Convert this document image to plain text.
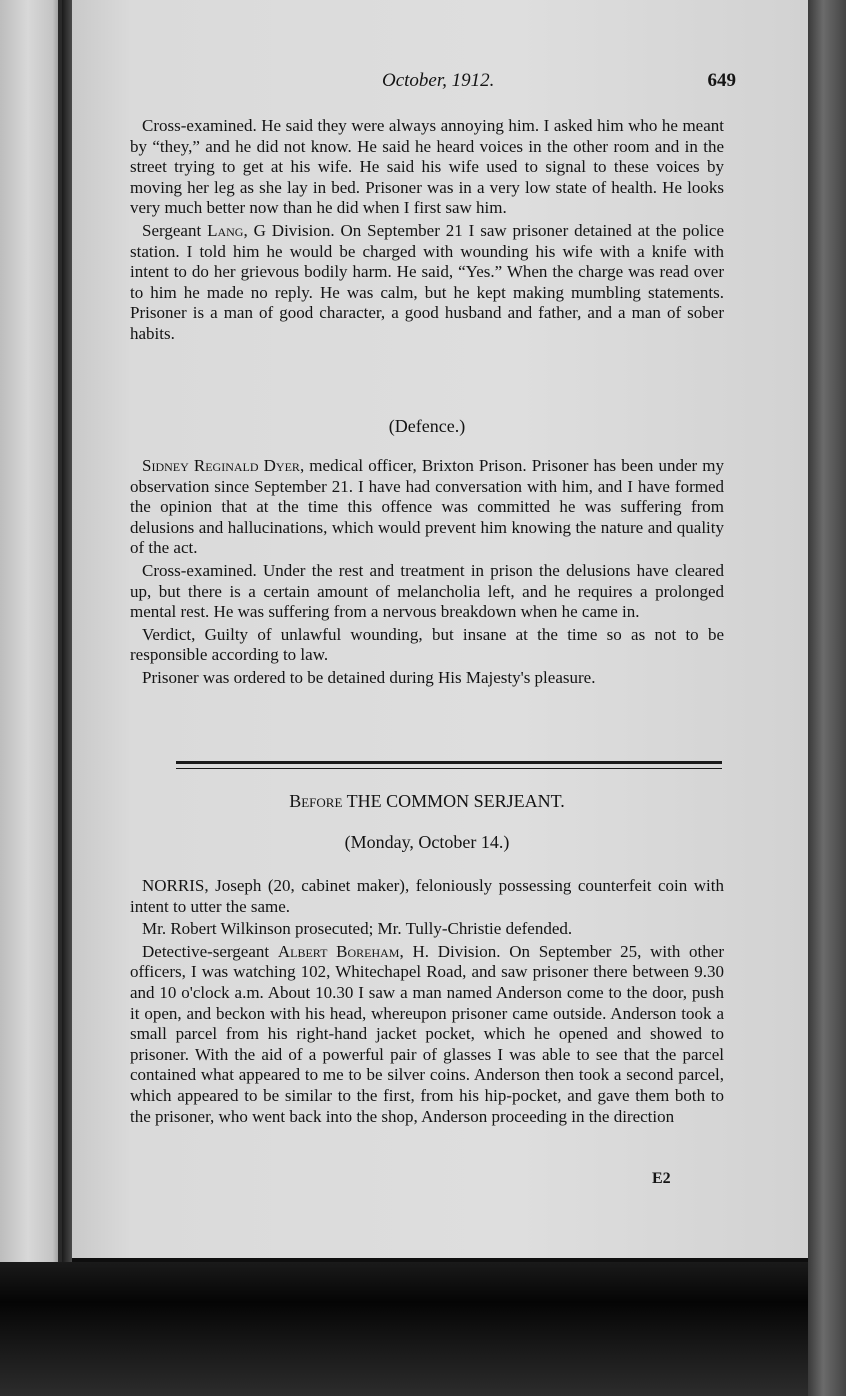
October, 1912.	649

Cross-examined. He said they were always annoying him. I asked him who he meant by “they,” and he did not know. He said he heard voices in the other room and in the street trying to get at his wife. He said his wife used to signal to these voices by moving her leg as she lay in bed. Prisoner was in a very low state of health. He looks very much better now than he did when I first saw him.

Sergeant Lang, G Division. On September 21 I saw prisoner detained at the police station. I told him he would be charged with wounding his wife with a knife with intent to do her grievous bodily harm. He said, “Yes.” When the charge was read over to him he made no reply. He was calm, but he kept making mumbling statements. Prisoner is a man of good character, a good husband and father, and a man of sober habits.

(Defence.)

Sidney Reginald Dyer, medical officer, Brixton Prison. Prisoner has been under my observation since September 21. I have had conversation with him, and I have formed the opinion that at the time this offence was committed he was suffering from delusions and hallucinations, which would prevent him knowing the nature and quality of the act.

Cross-examined. Under the rest and treatment in prison the delusions have cleared up, but there is a certain amount of melancholia left, and he requires a prolonged mental rest. He was suffering from a nervous breakdown when he came in.

Verdict, Guilty of unlawful wounding, but insane at the time so as not to be responsible according to law.

Prisoner was ordered to be detained during His Majesty's pleasure.

Before THE COMMON SERJEANT.
(Monday, October 14.)

NORRIS, Joseph (20, cabinet maker), feloniously possessing counterfeit coin with intent to utter the same.

Mr. Robert Wilkinson prosecuted; Mr. Tully-Christie defended.

Detective-sergeant Albert Boreham, H. Division. On September 25, with other officers, I was watching 102, Whitechapel Road, and saw prisoner there between 9.30 and 10 o'clock a.m. About 10.30 I saw a man named Anderson come to the door, push it open, and beckon with his head, whereupon prisoner came outside. Anderson took a small parcel from his right-hand jacket pocket, which he opened and showed to prisoner. With the aid of a powerful pair of glasses I was able to see that the parcel contained what appeared to me to be silver coins. Anderson then took a second parcel, which appeared to be similar to the first, from his hip-pocket, and gave them both to the prisoner, who went back into the shop, Anderson proceeding in the direction

E2
